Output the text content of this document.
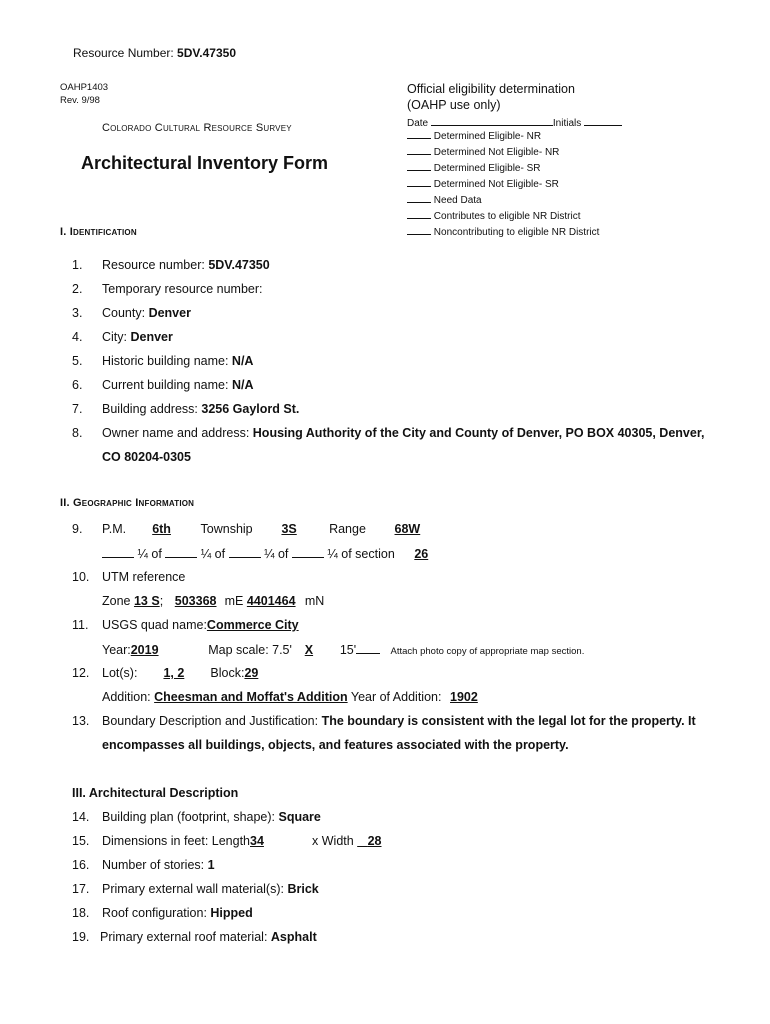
Resource Number: 5DV.47350
OAHP1403
Rev. 9/98
Colorado Cultural Resource Survey
Architectural Inventory Form
Official eligibility determination
(OAHP use only)
Date	Initials
Determined Eligible- NR
Determined Not Eligible- NR
Determined Eligible- SR
Determined Not Eligible- SR
Need Data
Contributes to eligible NR District
Noncontributing to eligible NR District
I. Identification
1. Resource number: 5DV.47350
2. Temporary resource number:
3. County: Denver
4. City: Denver
5. Historic building name: N/A
6. Current building name: N/A
7. Building address: 3256 Gaylord St.
8. Owner name and address: Housing Authority of the City and County of Denver, PO BOX 40305, Denver,
CO 80204-0305
II. Geographic Information
9. P.M. 6th Township 3S	Range 68W
¼ of	¼ of	¼ of	¼ of section 26
10. UTM reference
Zone 13 S; 503368 mE 4401464 mN
11. USGS quad name:Commerce City
Year:2019	Map scale: 7.5' X 15'	Attach photo copy of appropriate map section.
12. Lot(s): 1, 2 Block:29
Addition: Cheesman and Moffat's Addition Year of Addition: 1902
13. Boundary Description and Justification: The boundary is consistent with the legal lot for the property. It
encompasses all buildings, objects, and features associated with the property.
III. Architectural Description
14. Building plan (footprint, shape): Square
15. Dimensions in feet: Length34	x Width    28
16. Number of stories: 1
17. Primary external wall material(s): Brick
18. Roof configuration: Hipped
19. Primary external roof material: Asphalt
